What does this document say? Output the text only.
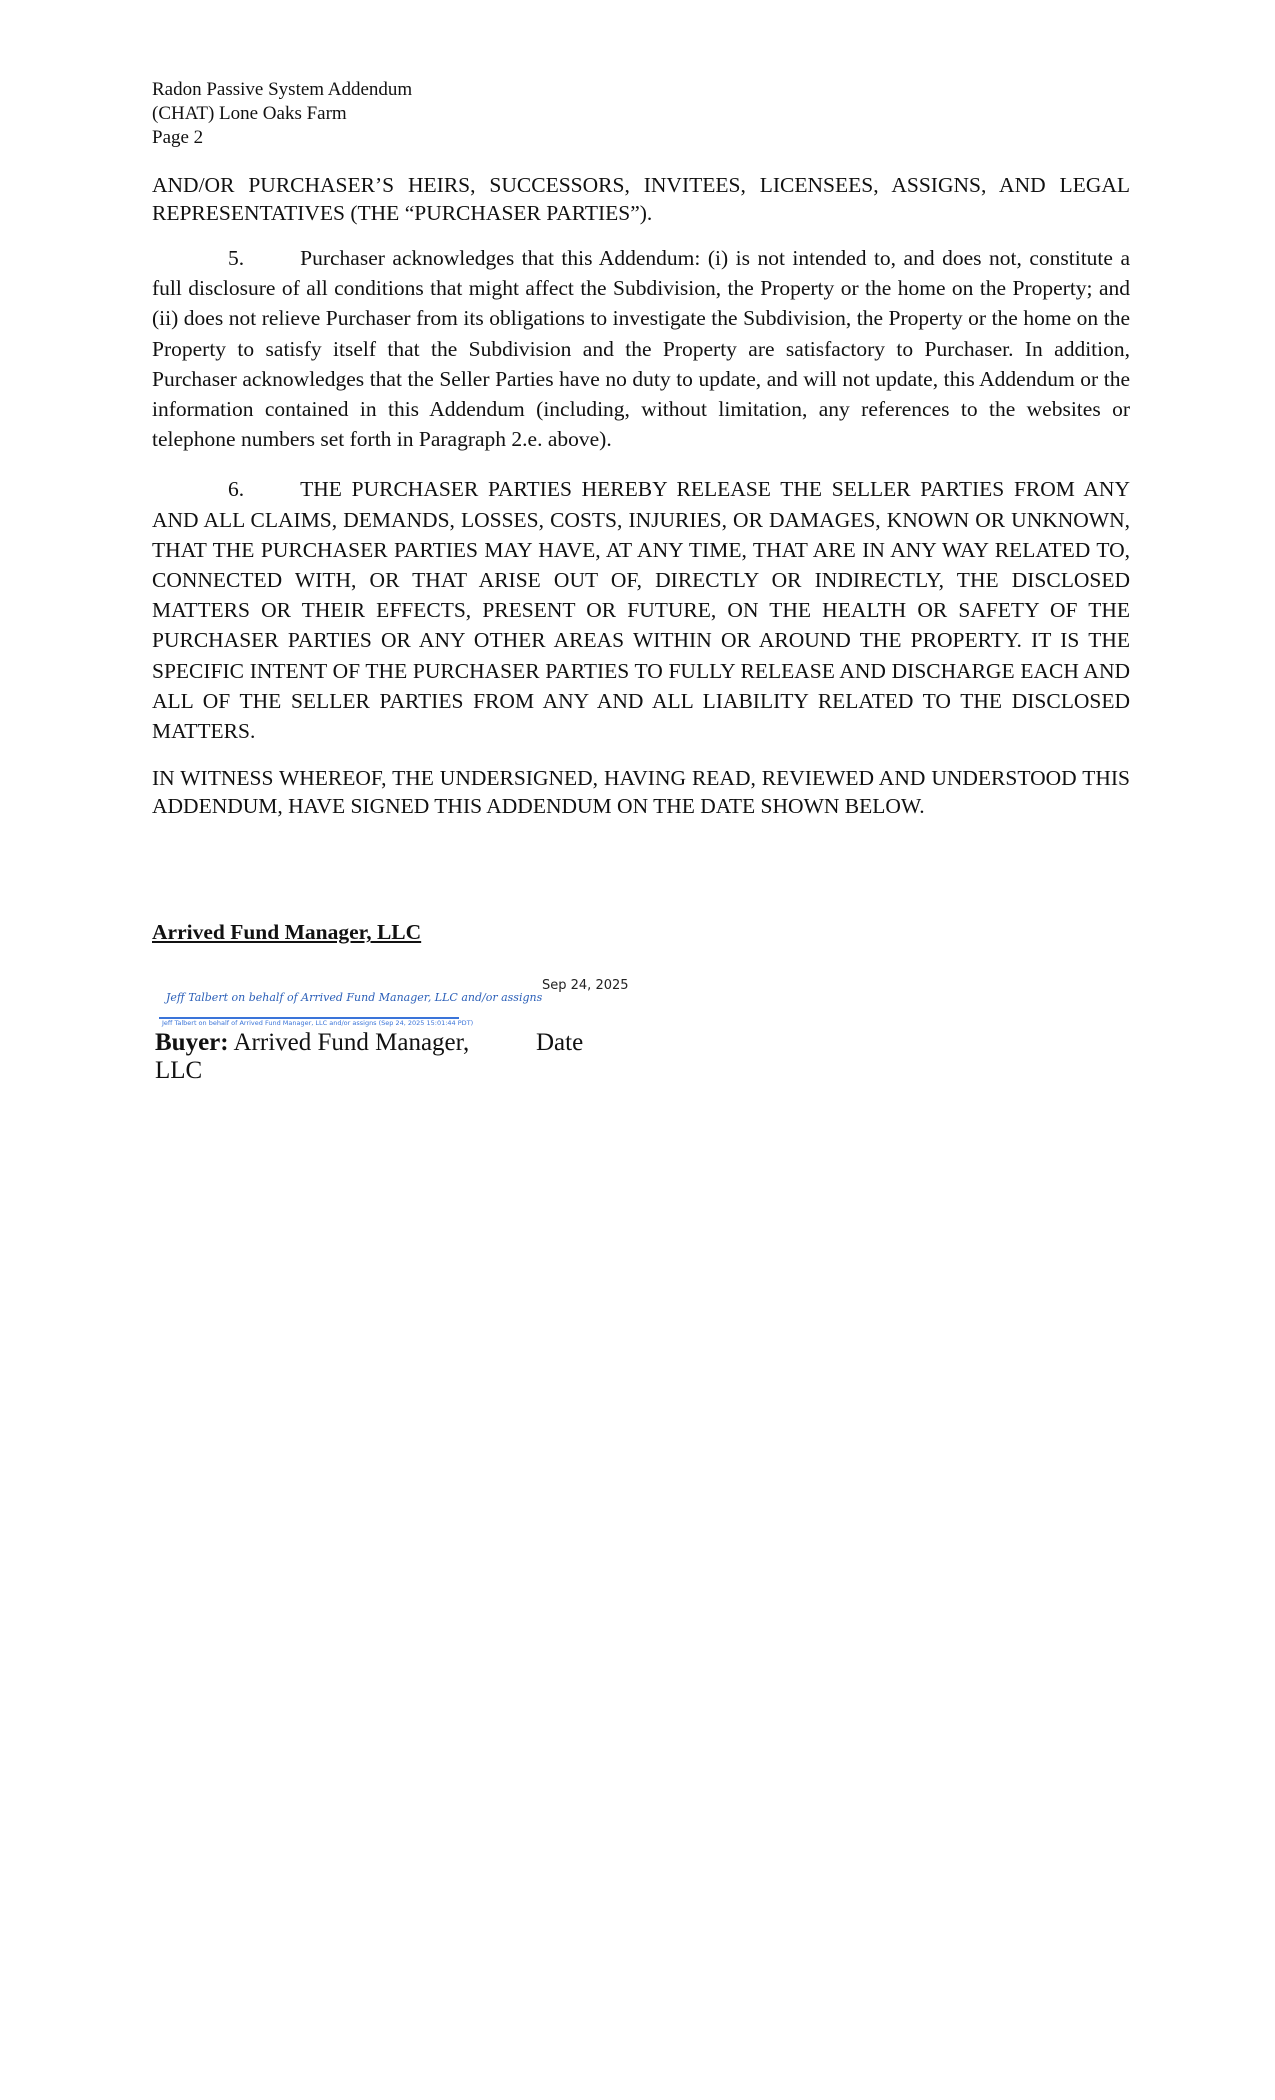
Radon Passive System Addendum
(CHAT) Lone Oaks Farm
Page 2

AND/OR PURCHASER’S HEIRS, SUCCESSORS, INVITEES, LICENSEES, ASSIGNS, AND LEGAL REPRESENTATIVES (THE “PURCHASER PARTIES”).

5.	Purchaser acknowledges that this Addendum: (i) is not intended to, and does not, constitute a full disclosure of all conditions that might affect the Subdivision, the Property or the home on the Property; and (ii) does not relieve Purchaser from its obligations to investigate the Subdivision, the Property or the home on the Property to satisfy itself that the Subdivision and the Property are satisfactory to Purchaser. In addition, Purchaser acknowledges that the Seller Parties have no duty to update, and will not update, this Addendum or the information contained in this Addendum (including, without limitation, any references to the websites or telephone numbers set forth in Paragraph 2.e. above).

6.	THE PURCHASER PARTIES HEREBY RELEASE THE SELLER PARTIES FROM ANY AND ALL CLAIMS, DEMANDS, LOSSES, COSTS, INJURIES, OR DAMAGES, KNOWN OR UNKNOWN, THAT THE PURCHASER PARTIES MAY HAVE, AT ANY TIME, THAT ARE IN ANY WAY RELATED TO, CONNECTED WITH, OR THAT ARISE OUT OF, DIRECTLY OR INDIRECTLY, THE DISCLOSED MATTERS OR THEIR EFFECTS, PRESENT OR FUTURE, ON THE HEALTH OR SAFETY OF THE PURCHASER PARTIES OR ANY OTHER AREAS WITHIN OR AROUND THE PROPERTY. IT IS THE SPECIFIC INTENT OF THE PURCHASER PARTIES TO FULLY RELEASE AND DISCHARGE EACH AND ALL OF THE SELLER PARTIES FROM ANY AND ALL LIABILITY RELATED TO THE DISCLOSED MATTERS.

IN WITNESS WHEREOF, THE UNDERSIGNED, HAVING READ, REVIEWED AND UNDERSTOOD THIS ADDENDUM, HAVE SIGNED THIS ADDENDUM ON THE DATE SHOWN BELOW.

Arrived Fund Manager, LLC
Jeff Talbert on behalf of Arrived Fund Manager, LLC and/or assigns
Jeff Talbert on behalf of Arrived Fund Manager, LLC and/or assigns (Sep 24, 2025 15:01:44 PDT)
Sep 24, 2025
Buyer: Arrived Fund Manager, LLC
Date
